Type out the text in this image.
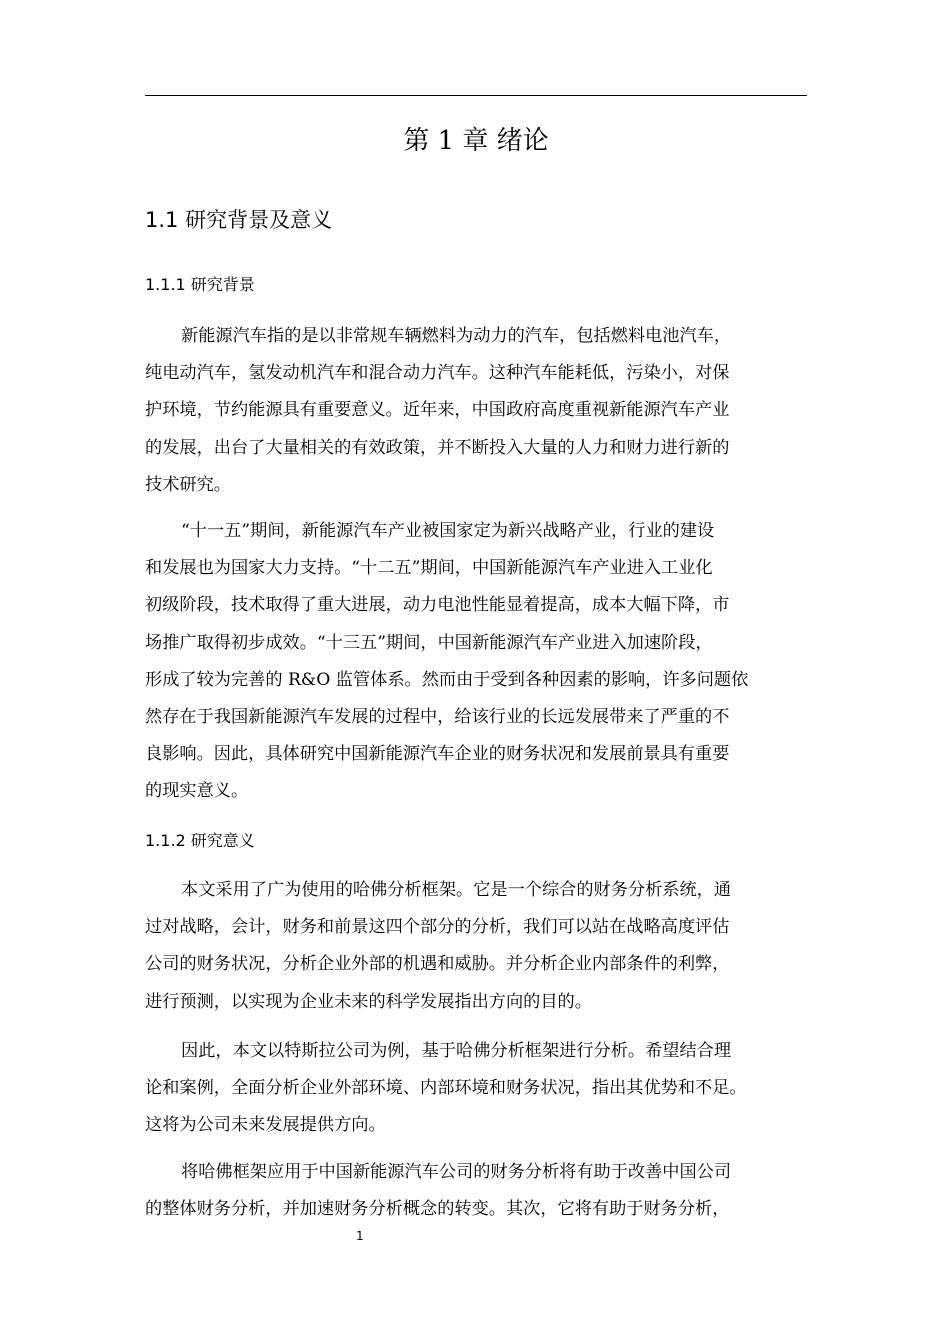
第 1 章 绪论
1.1 研究背景及意义
1.1.1 研究背景
新能源汽车指的是以非常规车辆燃料为动力的汽车，包括燃料电池汽车，
纯电动汽车，氢发动机汽车和混合动力汽车。这种汽车能耗低，污染小，对保
护环境，节约能源具有重要意义。近年来，中国政府高度重视新能源汽车产业
的发展，出台了大量相关的有效政策，并不断投入大量的人力和财力进行新的
技术研究。
“十一五”期间，新能源汽车产业被国家定为新兴战略产业，行业的建设
和发展也为国家大力支持。“十二五”期间，中国新能源汽车产业进入工业化
初级阶段，技术取得了重大进展，动力电池性能显着提高，成本大幅下降，市
场推广取得初步成效。“十三五”期间，中国新能源汽车产业进入加速阶段，
形成了较为完善的 R&O 监管体系。然而由于受到各种因素的影响，许多问题依
然存在于我国新能源汽车发展的过程中，给该行业的长远发展带来了严重的不
良影响。因此，具体研究中国新能源汽车企业的财务状况和发展前景具有重要
的现实意义。
1.1.2 研究意义
本文采用了广为使用的哈佛分析框架。它是一个综合的财务分析系统，通
过对战略，会计，财务和前景这四个部分的分析，我们可以站在战略高度评估
公司的财务状况，分析企业外部的机遇和威胁。并分析企业内部条件的利弊，
进行预测，以实现为企业未来的科学发展指出方向的目的。
因此，本文以特斯拉公司为例，基于哈佛分析框架进行分析。希望结合理
论和案例，全面分析企业外部环境、内部环境和财务状况，指出其优势和不足。
这将为公司未来发展提供方向。
将哈佛框架应用于中国新能源汽车公司的财务分析将有助于改善中国公司
的整体财务分析，并加速财务分析概念的转变。其次，它将有助于财务分析，
1
